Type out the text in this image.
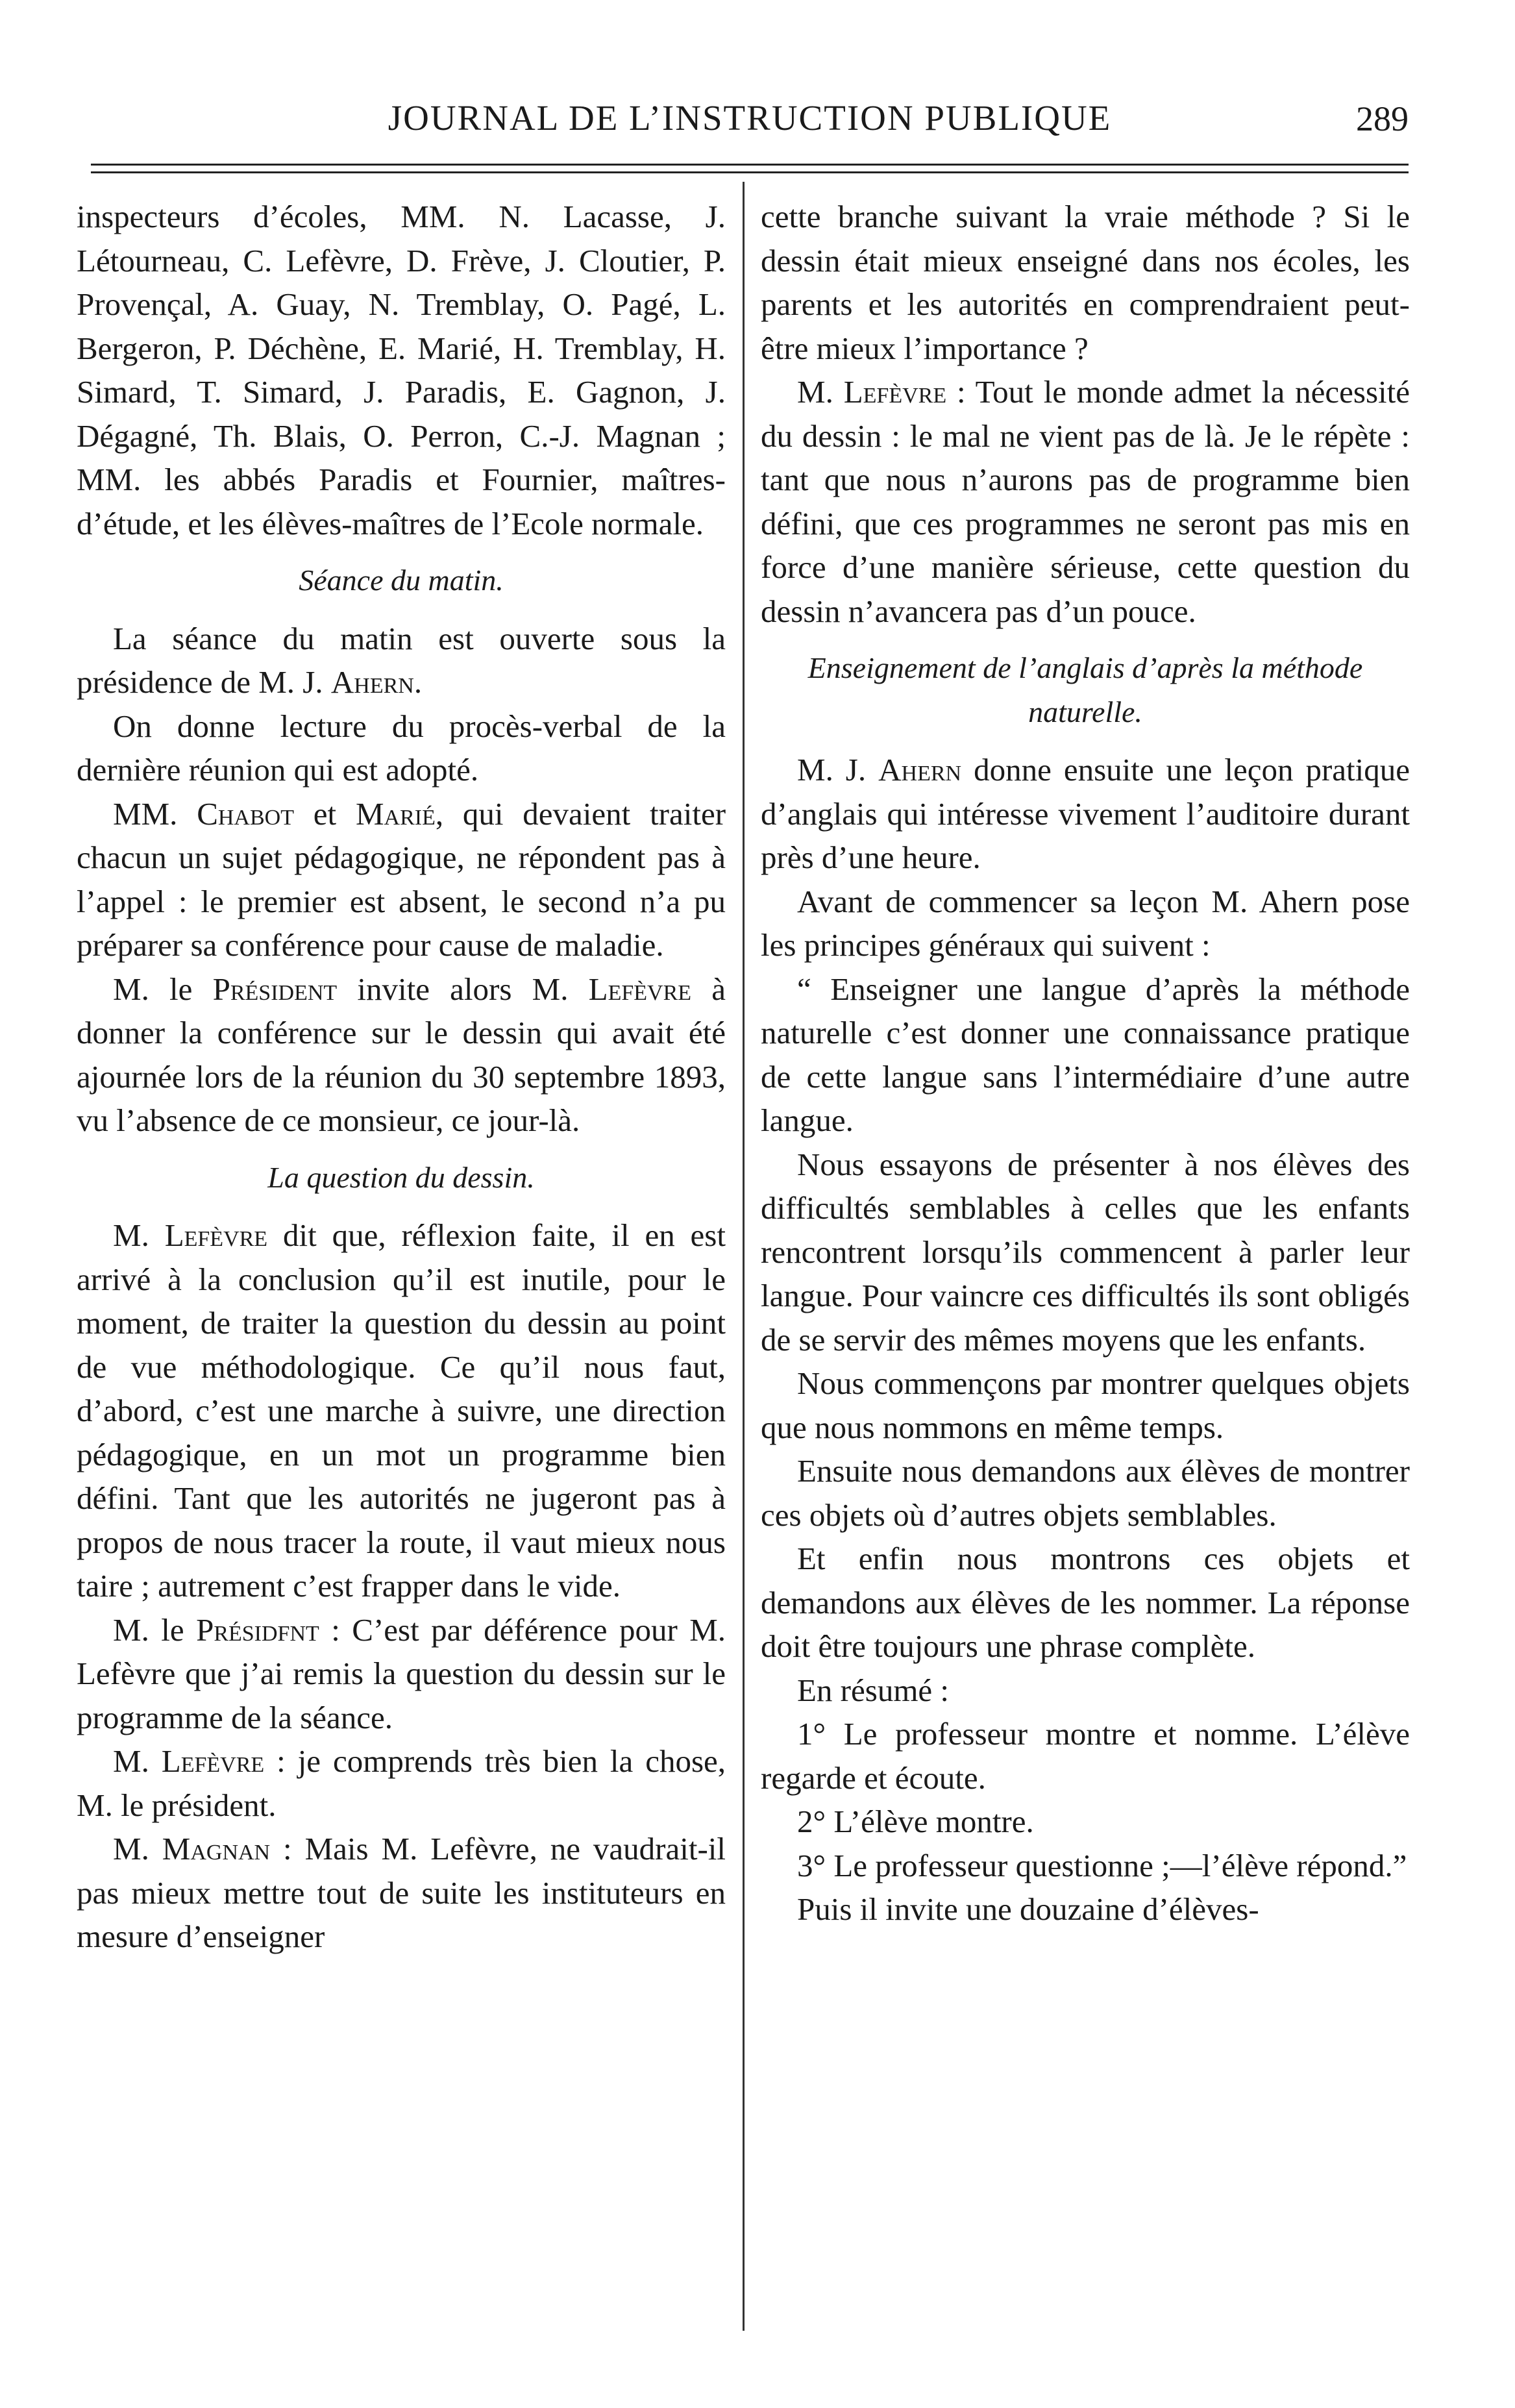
JOURNAL DE L’INSTRUCTION PUBLIQUE	289

inspecteurs d’écoles, MM. N. Lacasse, J. Létourneau, C. Lefèvre, D. Frève, J. Cloutier, P. Provençal, A. Guay, N. Tremblay, O. Pagé, L. Bergeron, P. Déchène, E. Marié, H. Tremblay, H. Simard, T. Simard, J. Paradis, E. Gagnon, J. Dégagné, Th. Blais, O. Perron, C.-J. Magnan ; MM. les abbés Paradis et Fournier, maîtres-d’étude, et les élèves-maîtres de l’Ecole normale.

Séance du matin.

La séance du matin est ouverte sous la présidence de M. J. Ahern.

On donne lecture du procès-verbal de la dernière réunion qui est adopté.

MM. Chabot et Marié, qui devaient traiter chacun un sujet pédagogique, ne répondent pas à l’appel : le premier est absent, le second n’a pu préparer sa conférence pour cause de maladie.

M. le Président invite alors M. Lefèvre à donner la conférence sur le dessin qui avait été ajournée lors de la réunion du 30 septembre 1893, vu l’absence de ce monsieur, ce jour-là.

La question du dessin.

M. Lefèvre dit que, réflexion faite, il en est arrivé à la conclusion qu’il est inutile, pour le moment, de traiter la question du dessin au point de vue méthodologique. Ce qu’il nous faut, d’abord, c’est une marche à suivre, une direction pédagogique, en un mot un programme bien défini. Tant que les autorités ne jugeront pas à propos de nous tracer la route, il vaut mieux nous taire ; autrement c’est frapper dans le vide.

M. le Présidfnt : C’est par déférence pour M. Lefèvre que j’ai remis la question du dessin sur le programme de la séance.

M. Lefèvre : je comprends très bien la chose, M. le président.

M. Magnan : Mais M. Lefèvre, ne vaudrait-il pas mieux mettre tout de suite les instituteurs en mesure d’enseigner

cette branche suivant la vraie méthode ? Si le dessin était mieux enseigné dans nos écoles, les parents et les autorités en comprendraient peut-être mieux l’importance ?

M. Lefèvre : Tout le monde admet la nécessité du dessin : le mal ne vient pas de là. Je le répète : tant que nous n’aurons pas de programme bien défini, que ces programmes ne seront pas mis en force d’une manière sérieuse, cette question du dessin n’avancera pas d’un pouce.

Enseignement de l’anglais d’après la méthode naturelle.

M. J. Ahern donne ensuite une leçon pratique d’anglais qui intéresse vivement l’auditoire durant près d’une heure.

Avant de commencer sa leçon M. Ahern pose les principes généraux qui suivent :

“ Enseigner une langue d’après la méthode naturelle c’est donner une connaissance pratique de cette langue sans l’intermédiaire d’une autre langue.

Nous essayons de présenter à nos élèves des difficultés semblables à celles que les enfants rencontrent lorsqu’ils commencent à parler leur langue. Pour vaincre ces difficultés ils sont obligés de se servir des mêmes moyens que les enfants.

Nous commençons par montrer quelques objets que nous nommons en même temps.

Ensuite nous demandons aux élèves de montrer ces objets où d’autres objets semblables.

Et enfin nous montrons ces objets et demandons aux élèves de les nommer. La réponse doit être toujours une phrase complète.

En résumé :

1° Le professeur montre et nomme. L’élève regarde et écoute.

2° L’élève montre.

3° Le professeur questionne ;—l’élève répond.”

Puis il invite une douzaine d’élèves-
